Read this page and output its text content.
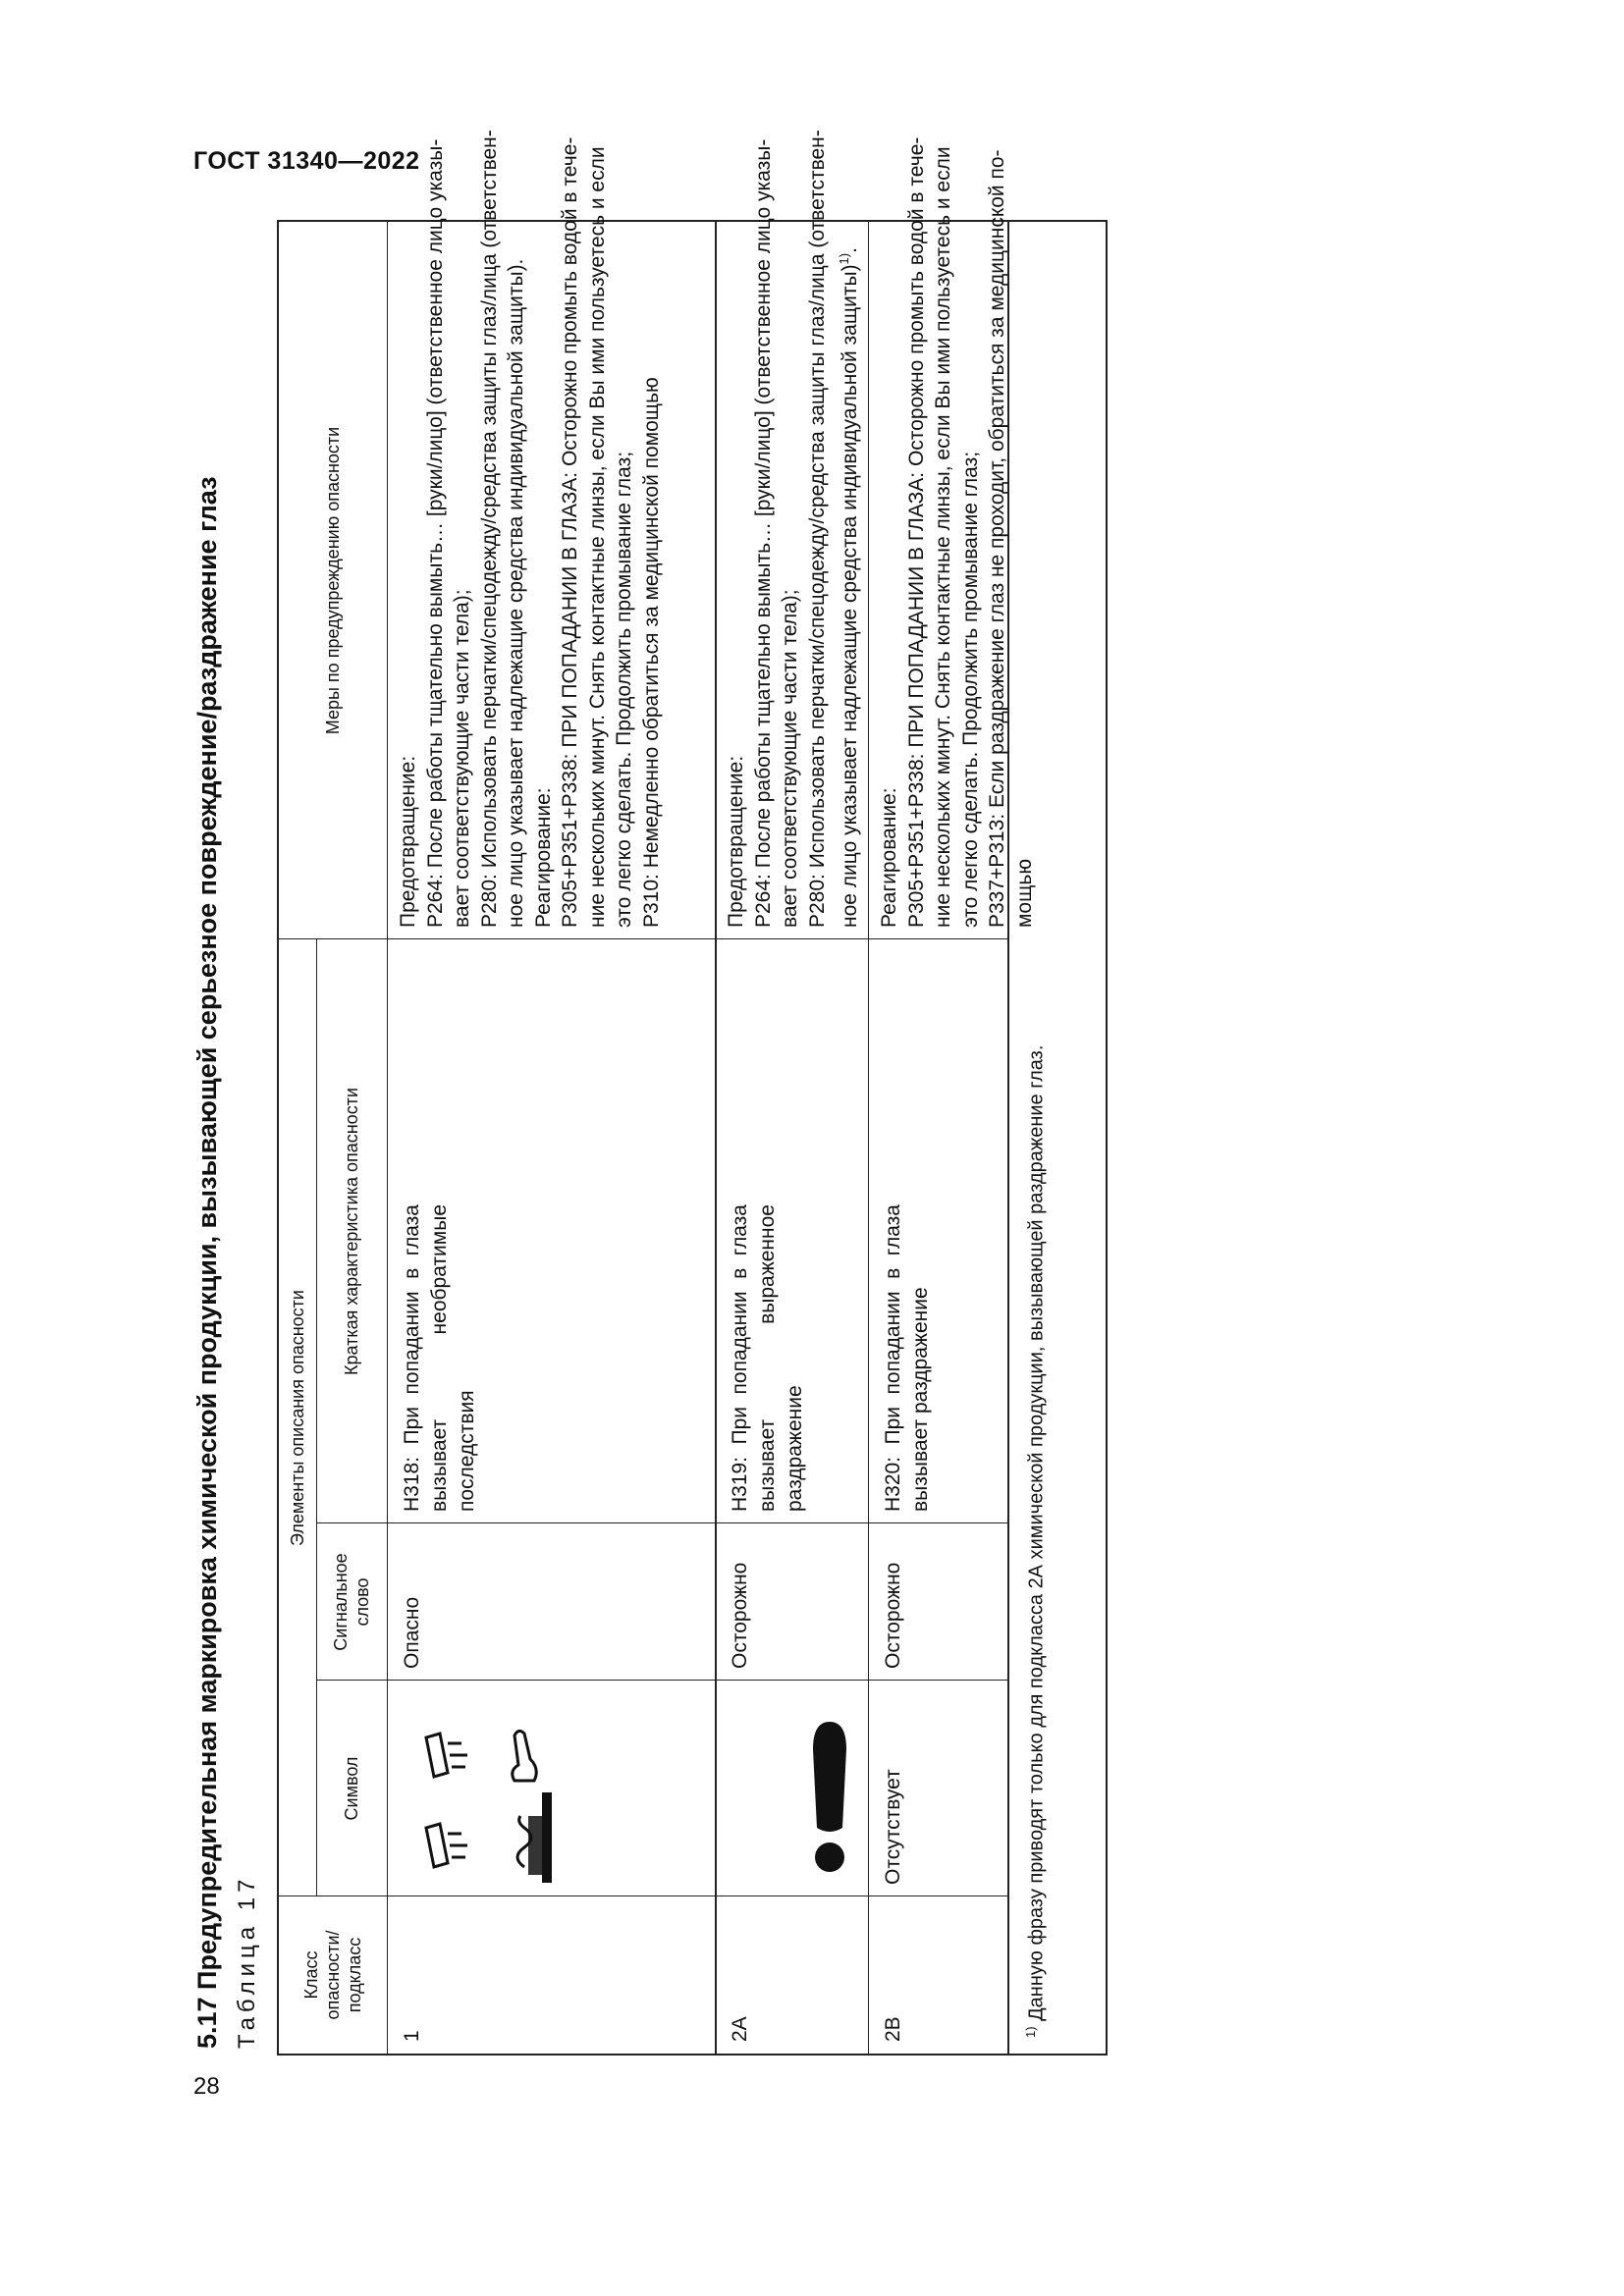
ГОСТ 31340—2022
28
5.17 Предупредительная маркировка химической продукции, вызывающей серьезное повреждение/раздражение глаз Таблица 17	Класс опасности/ подкласс
Элементы описания опасности
Символ
Сигнальное слово
Краткая характеристика опасности
Меры по предупреждению опасности
1
Опасно
Н318: При попадании в глаза вызывает необратимые последствия
Предотвращение: Р264: После работы тщательно вымыть… [руки/лицо] (ответственное лицо указы- вает соответствующие части тела); Р280: Использовать перчатки/спецодежду/средства защиты глаз/лица (ответствен- ное лицо указывает надлежащие средства индивидуальной защиты). Реагирование: Р305+Р351+Р338: ПРИ ПОПАДАНИИ В ГЛАЗА: Осторожно промыть водой в тече- ние нескольких минут. Снять контактные линзы, если Вы ими пользуетесь и если это легко сделать. Продолжить промывание глаз; Р310: Немедленно обратиться за медицинской помощью
2А
Осторожно
Н319: При попадании в глаза вызывает выраженное раздражение
Предотвращение: Р264: После работы тщательно вымыть… [руки/лицо] (ответственное лицо указы- вает соответствующие части тела); Р280: Использовать перчатки/спецодежду/средства защиты глаз/лица (ответствен- ное лицо указывает надлежащие средства индивидуальной защиты)$^{1)}$.
2В
Отсутствует
Осторожно
Н320: При попадании в глаза вызывает раздражение
Реагирование: Р305+Р351+Р338: ПРИ ПОПАДАНИИ В ГЛАЗА: Осторожно промыть водой в тече- ние нескольких минут. Снять контактные линзы, если Вы ими пользуетесь и если это легко сделать. Продолжить промывание глаз; Р337+Р313: Если раздражение глаз не проходит, обратиться за медицинской по- мощью
$^{1)}$ Данную фразу приводят только для подкласса 2А химической продукции, вызывающей раздражение глаз.
